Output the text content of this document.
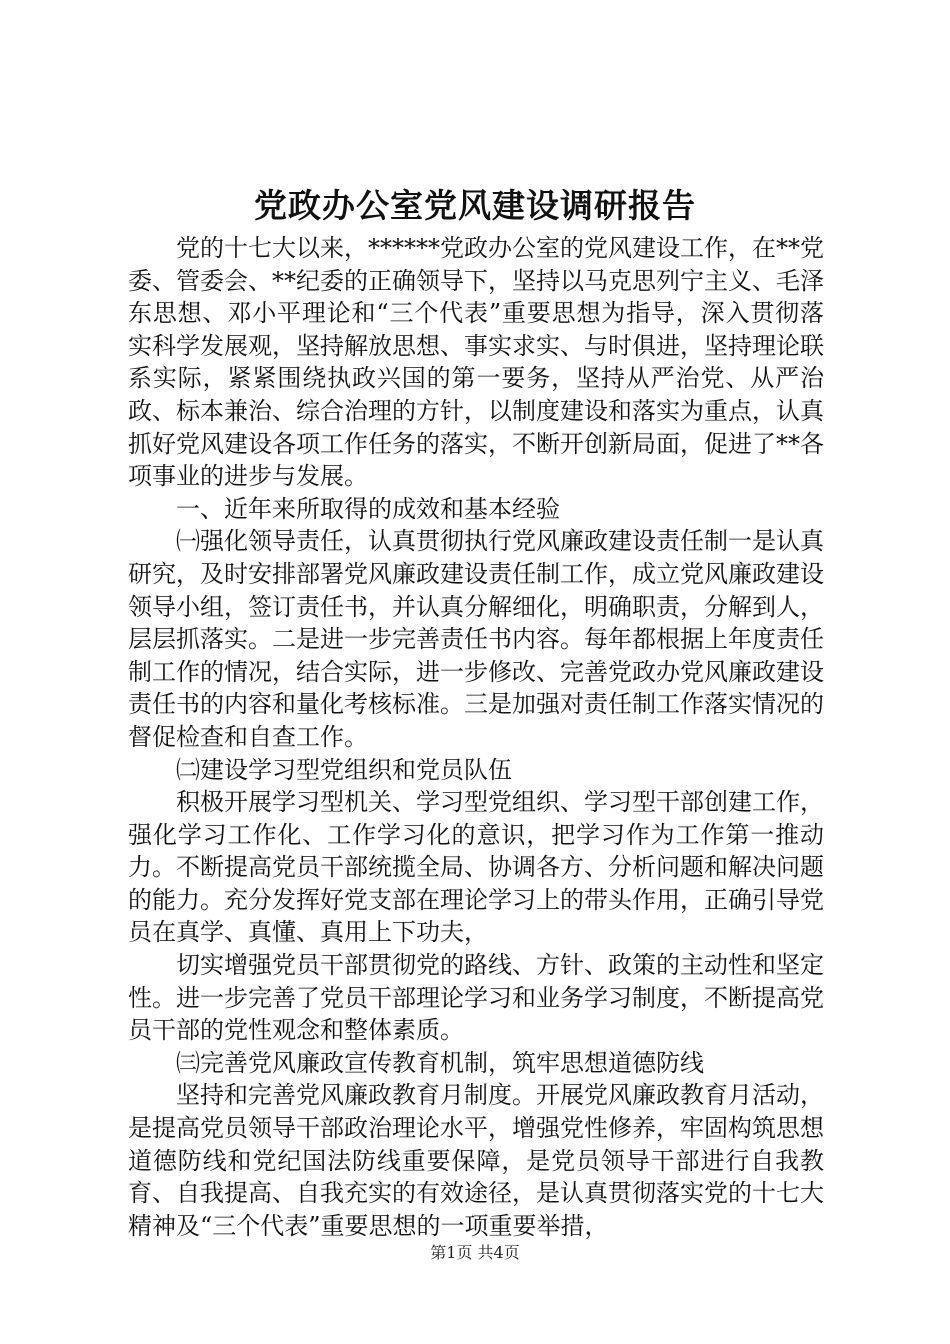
党政办公室党风建设调研报告

党的十七大以来，******党政办公室的党风建设工作，在**党委、管委会、**纪委的正确领导下，坚持以马克思列宁主义、毛泽东思想、邓小平理论和“三个代表”重要思想为指导，深入贯彻落实科学发展观，坚持解放思想、事实求实、与时俱进，坚持理论联系实际，紧紧围绕执政兴国的第一要务，坚持从严治党、从严治政、标本兼治、综合治理的方针，以制度建设和落实为重点，认真抓好党风建设各项工作任务的落实，不断开创新局面，促进了**各项事业的进步与发展。

一、近年来所取得的成效和基本经验

㈠强化领导责任，认真贯彻执行党风廉政建设责任制一是认真研究，及时安排部署党风廉政建设责任制工作，成立党风廉政建设领导小组，签订责任书，并认真分解细化，明确职责，分解到人，层层抓落实。二是进一步完善责任书内容。每年都根据上年度责任制工作的情况，结合实际，进一步修改、完善党政办党风廉政建设责任书的内容和量化考核标准。三是加强对责任制工作落实情况的督促检查和自查工作。

㈡建设学习型党组织和党员队伍

积极开展学习型机关、学习型党组织、学习型干部创建工作，强化学习工作化、工作学习化的意识，把学习作为工作第一推动力。不断提高党员干部统揽全局、协调各方、分析问题和解决问题的能力。充分发挥好党支部在理论学习上的带头作用，正确引导党员在真学、真懂、真用上下功夫，

切实增强党员干部贯彻党的路线、方针、政策的主动性和坚定性。进一步完善了党员干部理论学习和业务学习制度，不断提高党员干部的党性观念和整体素质。

㈢完善党风廉政宣传教育机制，筑牢思想道德防线

坚持和完善党风廉政教育月制度。开展党风廉政教育月活动，是提高党员领导干部政治理论水平，增强党性修养，牢固构筑思想道德防线和党纪国法防线重要保障，是党员领导干部进行自我教育、自我提高、自我充实的有效途径，是认真贯彻落实党的十七大精神及“三个代表”重要思想的一项重要举措，

第1页 共4页
